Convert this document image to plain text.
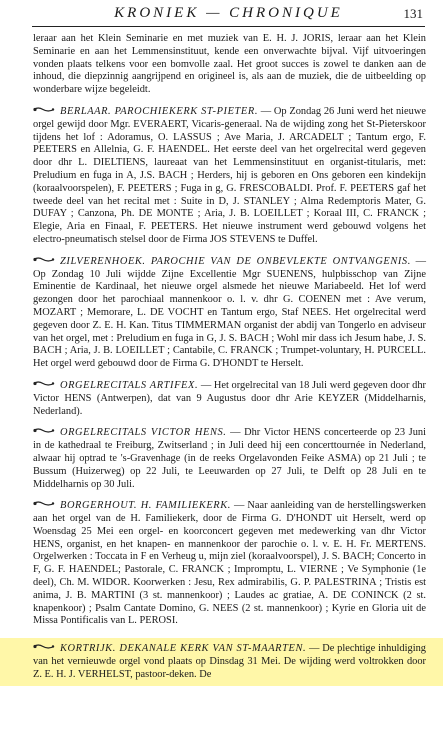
KRONIEK — CHRONIQUE	131

leraar aan het Klein Seminarie en met muziek van E. H. J. JORIS, leraar aan het Klein Seminarie en aan het Lemmensinstituut, kende een onverwachte bijval. Vijf uitvoeringen vonden plaats telkens voor een bomvolle zaal. Het groot succes is zowel te danken aan de inhoud, die diepzinnig aangrijpend en origineel is, als aan de muziek, die de uitbeelding op wonderbare wijze begeleidt.

BERLAAR. PAROCHIEKERK ST-PIETER. — Op Zondag 26 Juni werd het nieuwe orgel gewijd door Mgr. EVERAERT, Vicaris-generaal. Na de wijding zong het St-Pieterskoor tijdens het lof : Adoramus, O. LASSUS ; Ave Maria, J. ARCADELT ; Tantum ergo, F. PEETERS en Allelnia, G. F. HAENDEL. Het eerste deel van het orgelrecital werd gegeven door dhr L. DIELTIENS, laureaat van het Lemmensinstituut en organist-titularis, met: Preludium en fuga in A, J.S. BACH ; Herders, hij is geboren en Ons geboren een kindekijn (koraalvoorspelen), F. PEETERS ; Fuga in g, G. FRESCOBALDI. Prof. F. PEETERS gaf het tweede deel van het recital met : Suite in D, J. STANLEY ; Alma Redemptoris Mater, G. DUFAY ; Canzona, Ph. DE MONTE ; Aria, J. B. LOEILLET ; Koraal III, C. FRANCK ; Elegie, Aria en Finaal, F. PEETERS. Het nieuwe instrument werd gebouwd volgens het electro-pneumatisch stelsel door de Firma JOS STEVENS te Duffel.

ZILVERENHOEK. PAROCHIE VAN DE ONBEVLEKTE ONTVANGENIS. — Op Zondag 10 Juli wijdde Zijne Excellentie Mgr SUENENS, hulpbisschop van Zijne Eminentie de Kardinaal, het nieuwe orgel alsmede het nieuwe Mariabeeld. Het lof werd gezongen door het parochiaal mannenkoor o. l. v. dhr G. COENEN met : Ave verum, MOZART ; Memorare, L. DE VOCHT en Tantum ergo, Staf NEES. Het orgelrecital werd gegeven door Z. E. H. Kan. Titus TIMMERMAN organist der abdij van Tongerlo en adviseur van het orgel, met : Preludium en fuga in G, J. S. BACH ; Wohl mir dass ich Jesum habe, J. S. BACH ; Aria, J. B. LOEILLET ; Cantabile, C. FRANCK ; Trumpet-voluntary, H. PURCELL. Het orgel werd gebouwd door de Firma G. D'HONDT te Herselt.

ORGELRECITALS ARTIFEX. — Het orgelrecital van 18 Juli werd gegeven door dhr Victor HENS (Antwerpen), dat van 9 Augustus door dhr Arie KEYZER (Middelharnis, Nederland).

ORGELRECITALS VICTOR HENS. — Dhr Victor HENS concerteerde op 23 Juni in de kathedraal te Freiburg, Zwitserland ; in Juli deed hij een concerttournée in Nederland, alwaar hij optrad te 's-Gravenhage (in de reeks Orgelavonden Feike ASMA) op 21 Juli ; te Bussum (Huizerweg) op 22 Juli, te Leeuwarden op 27 Juli, te Delft op 28 Juli en te Middelharnis op 30 Juli.

BORGERHOUT. H. FAMILIEKERK. — Naar aanleiding van de herstellingswerken aan het orgel van de H. Familiekerk, door de Firma G. D'HONDT uit Herselt, werd op Woensdag 25 Mei een orgel- en koorconcert gegeven met medewerking van dhr Victor HENS, organist, en het knapen- en mannenkoor der parochie o. l. v. E. H. Fr. MERTENS. Orgelwerken : Toccata in F en Verheug u, mijn ziel (koraalvoorspel), J. S. BACH; Concerto in F, G. F. HAENDEL; Pastorale, C. FRANCK ; Impromptu, L. VIERNE ; Ve Symphonie (1e deel), Ch. M. WIDOR. Koorwerken : Jesu, Rex admirabilis, G. P. PALESTRINA ; Tristis est anima, J. B. MARTINI (3 st. mannenkoor) ; Laudes ac gratiae, A. DE CONINCK (2 st. knapenkoor) ; Psalm Cantate Domino, G. NEES (2 st. mannenkoor) ; Kyrie en Gloria uit de Missa Pontificalis van L. PEROSI.

KORTRIJK. DEKANALE KERK VAN ST-MAARTEN. — De plechtige inhuldiging van het vernieuwde orgel vond plaats op Dinsdag 31 Mei. De wijding werd voltrokken door Z. E. H. J. VERHELST, pastoor-deken. De
